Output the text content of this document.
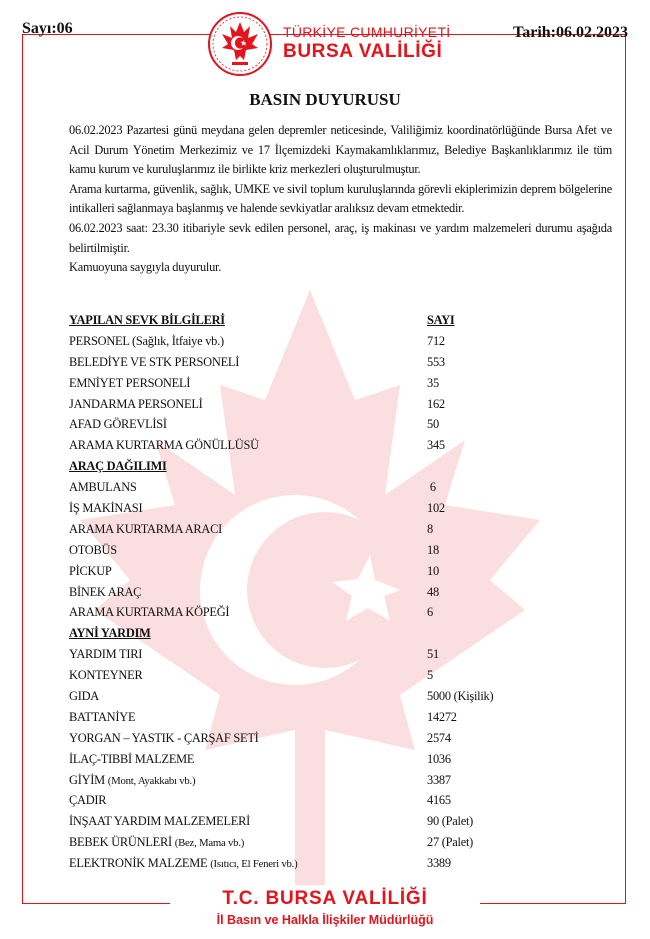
Sayı:06	Tarih:06.02.2023
TÜRKİYE CUMHURİYETİ
BURSA VALİLİĞİ
BASIN DUYURUSU

06.02.2023 Pazartesi günü meydana gelen depremler neticesinde, Valiliğimiz koordinatörlüğünde Bursa Afet ve Acil Durum Yönetim Merkezimiz ve 17 İlçemizdeki Kaymakamlıklarımız, Belediye Başkanlıklarımız ile tüm kamu kurum ve kuruluşlarımız ile birlikte kriz merkezleri oluşturulmuştur.

Arama kurtarma, güvenlik, sağlık, UMKE ve sivil toplum kuruluşlarında görevli ekiplerimizin deprem bölgelerine intikalleri sağlanmaya başlanmış ve halende sevkiyatlar aralıksız devam etmektedir.

06.02.2023 saat: 23.30 itibariyle sevk edilen personel, araç, iş makinası ve yardım malzemeleri durumu aşağıda belirtilmiştir.

Kamuoyuna saygıyla duyurulur.

YAPILAN SEVK BİLGİLERİ	SAYI
PERSONEL (Sağlık, İtfaiye vb.)	712
BELEDİYE VE STK PERSONELİ	553
EMNİYET PERSONELİ	35
JANDARMA PERSONELİ	162
AFAD GÖREVLİSİ	50
ARAMA KURTARMA GÖNÜLLÜSÜ	345
ARAÇ DAĞILIMI
AMBULANS	6
İŞ MAKİNASI	102
ARAMA KURTARMA ARACI	8
OTOBÜS	18
PİCKUP	10
BİNEK ARAÇ	48
ARAMA KURTARMA KÖPEĞİ	6
AYNİ YARDIM
YARDIM TIRI	51
KONTEYNER	5
GIDA	5000 (Kişilik)
BATTANİYE	14272
YORGAN – YASTIK - ÇARŞAF SETİ	2574
İLAÇ-TIBBİ MALZEME	1036
GİYİM (Mont, Ayakkabı vb.)	3387
ÇADIR	4165
İNŞAAT YARDIM MALZEMELERİ	90 (Palet)
BEBEK ÜRÜNLERİ (Bez, Mama vb.)	27 (Palet)
ELEKTRONİK MALZEME (Isıtıcı, El Feneri vb.)	3389
T.C. BURSA VALİLİĞİ
İl Basın ve Halkla İlişkiler Müdürlüğü
